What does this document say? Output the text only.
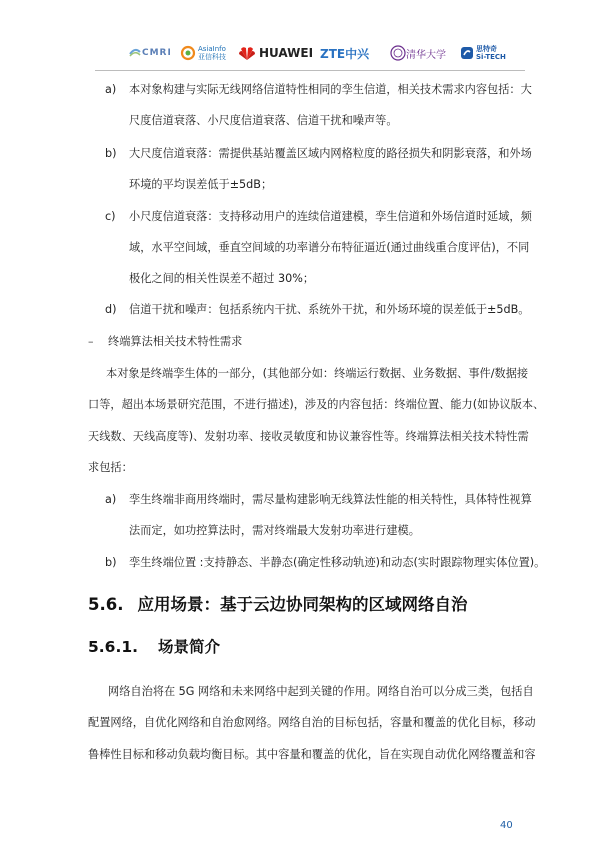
CMRI	AsiaInfo
亚信科技	HUAWEI ZTE中兴	清华大学
思特奇
Si-TECH
a) 本对象构建与实际无线网络信道特性相同的孪生信道，相关技术需求内容包括：大
尺度信道衰落、小尺度信道衰落、信道干扰和噪声等。
b) 大尺度信道衰落：需提供基站覆盖区域内网格粒度的路径损失和阴影衰落，和外场
环境的平均误差低于±5dB；
c) 小尺度信道衰落：支持移动用户的连续信道建模，孪生信道和外场信道时延域，频
域，水平空间域，垂直空间域的功率谱分布特征逼近(通过曲线重合度评估)，不同
极化之间的相关性误差不超过 30%；
d) 信道干扰和噪声：包括系统内干扰、系统外干扰，和外场环境的误差低于±5dB。
– 终端算法相关技术特性需求
本对象是终端孪生体的一部分，(其他部分如：终端运行数据、业务数据、事件/数据接
口等，超出本场景研究范围，不进行描述)，涉及的内容包括：终端位置、能力(如协议版本、
天线数、天线高度等)、发射功率、接收灵敏度和协议兼容性等。终端算法相关技术特性需
求包括：
a) 孪生终端非商用终端时，需尽量构建影响无线算法性能的相关特性，具体特性视算
法而定，如功控算法时，需对终端最大发射功率进行建模。
b) 孪生终端位置 :支持静态、半静态(确定性移动轨迹)和动态(实时跟踪物理实体位置)。
5.6. 应用场景：基于云边协同架构的区域网络自治
5.6.1. 场景简介
网络自治将在 5G 网络和未来网络中起到关键的作用。网络自治可以分成三类，包括自
配置网络，自优化网络和自治愈网络。网络自治的目标包括，容量和覆盖的优化目标，移动
鲁棒性目标和移动负载均衡目标。其中容量和覆盖的优化，旨在实现自动优化网络覆盖和容
40
